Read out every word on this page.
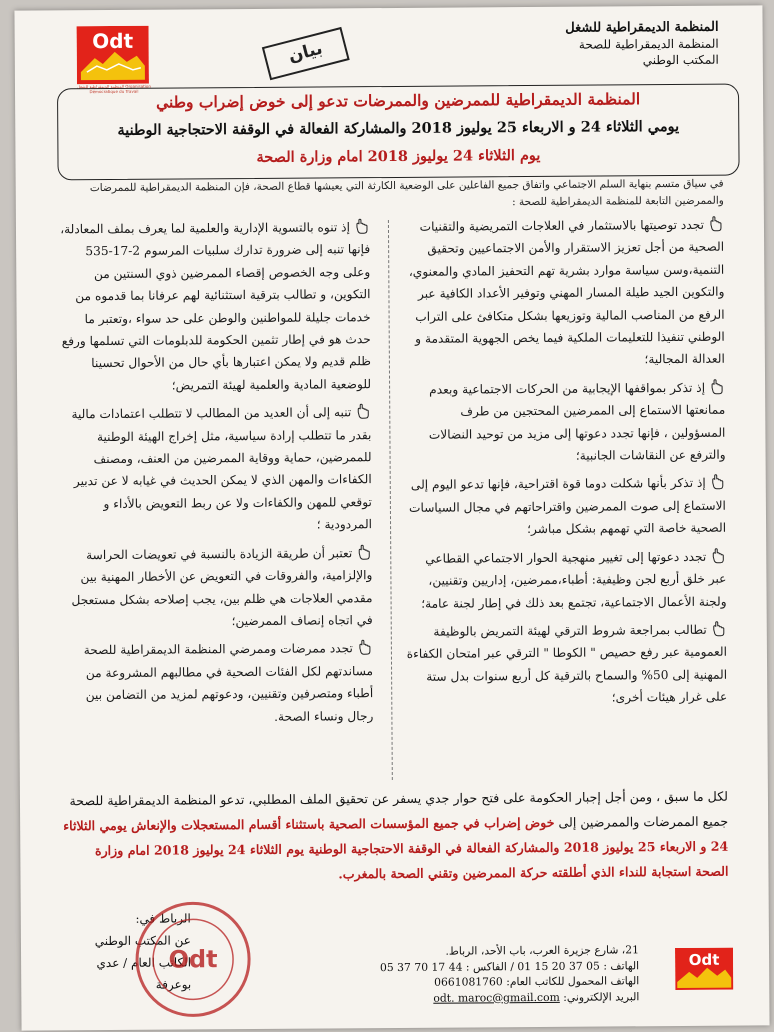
Odt
المنظمة الديمقراطية للشغل Organisation Démocratique du Travail
بيان
المنظمة الديمقراطية للشغل
المنظمة الديمقراطية للصحة
المكتب الوطني
المنظمة الديمقراطية للممرضين والممرضات تدعو إلى خوض إضراب وطني
يومي الثلاثاء 24 و الاربعاء 25 يوليوز 2018 والمشاركة الفعالة في الوقفة الاحتجاجية الوطنية
يوم الثلاثاء 24 يوليوز 2018 امام وزارة الصحة
في سياق متسم بنهاية السلم الاجتماعي واتفاق جميع الفاعلين على الوضعية الكارثة التي يعيشها قطاع الصحة، فإن المنظمة الديمقراطية للممرضات والممرضين التابعة للمنظمة الديمقراطية للصحة :

تجدد توصيتها بالاستثمار في العلاجات التمريضية والتقنيات الصحية من أجل تعزيز الاستقرار والأمن الاجتماعيين وتحقيق التنمية،وسن سياسة موارد بشرية تهم التحفيز المادي والمعنوي، والتكوين الجيد طيلة المسار المهني وتوفير الأعداد الكافية عبر الرفع من المناصب المالية وتوزيعها بشكل متكافئ على التراب الوطني تنفيذا للتعليمات الملكية فيما يخص الجهوية المتقدمة و العدالة المجالية؛

إذ تذكر بمواقفها الإيجابية من الحركات الاجتماعية وبعدم ممانعتها الاستماع إلى الممرضين المحتجين من طرف المسؤولين ، فإنها تجدد دعوتها إلى مزيد من توحيد النضالات والترفع عن النقاشات الجانبية؛

إذ تذكر بأنها شكلت دوما قوة اقتراحية، فإنها تدعو اليوم إلى الاستماع إلى صوت الممرضين واقتراحاتهم في مجال السياسات الصحية خاصة التي تهمهم بشكل مباشر؛

تجدد دعوتها إلى تغيير منهجية الحوار الاجتماعي القطاعي عبر خلق أربع لجن وظيفية: أطباء،ممرضين، إداريين وتقنيين، ولجنة الأعمال الاجتماعية، تجتمع بعد ذلك في إطار لجنة عامة؛

تطالب بمراجعة شروط الترقي لهيئة التمريض بالوظيفة العمومية عبر رفع حصيص " الكوطا " الترقي عبر امتحان الكفاءة المهنية إلى 50% والسماح بالترقية كل أربع سنوات بدل ستة على غرار هيئات أخرى؛

إذ تنوه بالتسوية الإدارية والعلمية لما يعرف بملف المعادلة، فإنها تنبه إلى ضرورة تدارك سلبيات المرسوم 2-17-535 وعلى وجه الخصوص إقصاء الممرضين ذوي السنتين من التكوين، و تطالب بترقية استثنائية لهم عرفانا بما قدموه من خدمات جليلة للمواطنين والوطن على حد سواء ،وتعتبر ما حدث هو في إطار تثمين الحكومة للدبلومات التي تسلمها ورفع ظلم قديم ولا يمكن اعتبارها بأي حال من الأحوال تحسينا للوضعية المادية والعلمية لهيئة التمريض؛

تنبه إلى أن العديد من المطالب لا تتطلب اعتمادات مالية بقدر ما تتطلب إرادة سياسية، مثل إخراج الهيئة الوطنية للممرضين، حماية ووقاية الممرضين من العنف، ومصنف الكفاءات والمهن الذي لا يمكن الحديث في غيابه لا عن تدبير توقعي للمهن والكفاءات ولا عن ربط التعويض بالأداء و المردودية ؛

تعتبر أن طريقة الزيادة بالنسبة في تعويضات الحراسة والإلزامية، والفروقات في التعويض عن الأخطار المهنية بين مقدمي العلاجات هي ظلم بين، يجب إصلاحه بشكل مستعجل في اتجاه إنصاف الممرضين؛

تجدد ممرضات وممرضي المنظمة الديمقراطية للصحة مساندتهم لكل الفئات الصحية في مطالبهم المشروعة من أطباء ومتصرفين وتقنيين، ودعوتهم لمزيد من التضامن بين رجال ونساء الصحة.

لكل ما سبق ، ومن أجل إجبار الحكومة على فتح حوار جدي يسفر عن تحقيق الملف المطلبي، تدعو المنظمة الديمقراطية للصحة جميع الممرضات والممرضين إلى خوض إضراب في جميع المؤسسات الصحية باستثناء أقسام المستعجلات والإنعاش يومي الثلاثاء 24 و الاربعاء 25 يوليوز 2018 والمشاركة الفعالة في الوقفة الاحتجاجية الوطنية يوم الثلاثاء 24 يوليوز 2018 امام وزارة الصحة استجابة للنداء الذي أطلقته حركة الممرضين وتقني الصحة بالمغرب.
الرباط في:
عن المكتب الوطني
الكاتب العام / عدي بوعرفة
Odt	21، شارع جزيرة العرب، باب الأحد، الرباط.
الهاتف : 05 37 20 15 01 / الفاكس : 44 17 70 37 05
الهاتف المحمول للكاتب العام: 0661081760
البريد الإلكتروني: odt. maroc@gmail.com
Odt
